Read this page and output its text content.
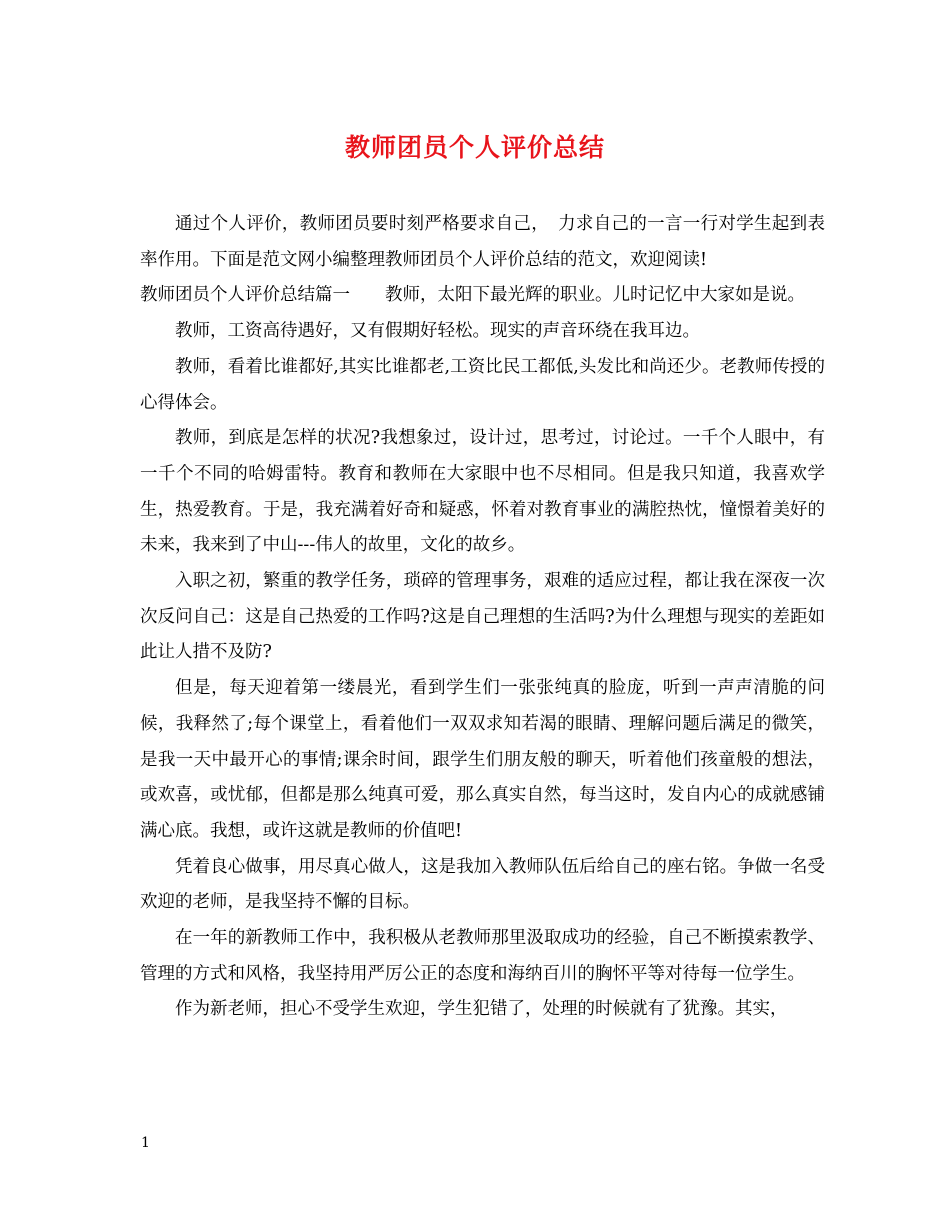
教师团员个人评价总结

通过个人评价，教师团员要时刻严格要求自己，　力求自己的一言一行对学生起到表率作用。下面是范文网小编整理教师团员个人评价总结的范文，欢迎阅读!

教师团员个人评价总结篇一　　教师，太阳下最光辉的职业。儿时记忆中大家如是说。

教师，工资高待遇好，又有假期好轻松。现实的声音环绕在我耳边。

教师，看着比谁都好,其实比谁都老,工资比民工都低,头发比和尚还少。老教师传授的心得体会。

教师，到底是怎样的状况?我想象过，设计过，思考过，讨论过。一千个人眼中，有一千个不同的哈姆雷特。教育和教师在大家眼中也不尽相同。但是我只知道，我喜欢学生，热爱教育。于是，我充满着好奇和疑惑，怀着对教育事业的满腔热忱，憧憬着美好的未来，我来到了中山---伟人的故里，文化的故乡。

入职之初，繁重的教学任务，琐碎的管理事务，艰难的适应过程，都让我在深夜一次次反问自己：这是自己热爱的工作吗?这是自己理想的生活吗?为什么理想与现实的差距如此让人措不及防?

但是，每天迎着第一缕晨光，看到学生们一张张纯真的脸庞，听到一声声清脆的问候，我释然了;每个课堂上，看着他们一双双求知若渴的眼睛、理解问题后满足的微笑，是我一天中最开心的事情;课余时间，跟学生们朋友般的聊天，听着他们孩童般的想法，或欢喜，或忧郁，但都是那么纯真可爱，那么真实自然，每当这时，发自内心的成就感铺满心底。我想，或许这就是教师的价值吧!

凭着良心做事，用尽真心做人，这是我加入教师队伍后给自己的座右铭。争做一名受欢迎的老师，是我坚持不懈的目标。

在一年的新教师工作中，我积极从老教师那里汲取成功的经验，自己不断摸索教学、管理的方式和风格，我坚持用严厉公正的态度和海纳百川的胸怀平等对待每一位学生。

作为新老师，担心不受学生欢迎，学生犯错了，处理的时候就有了犹豫。其实，

1
